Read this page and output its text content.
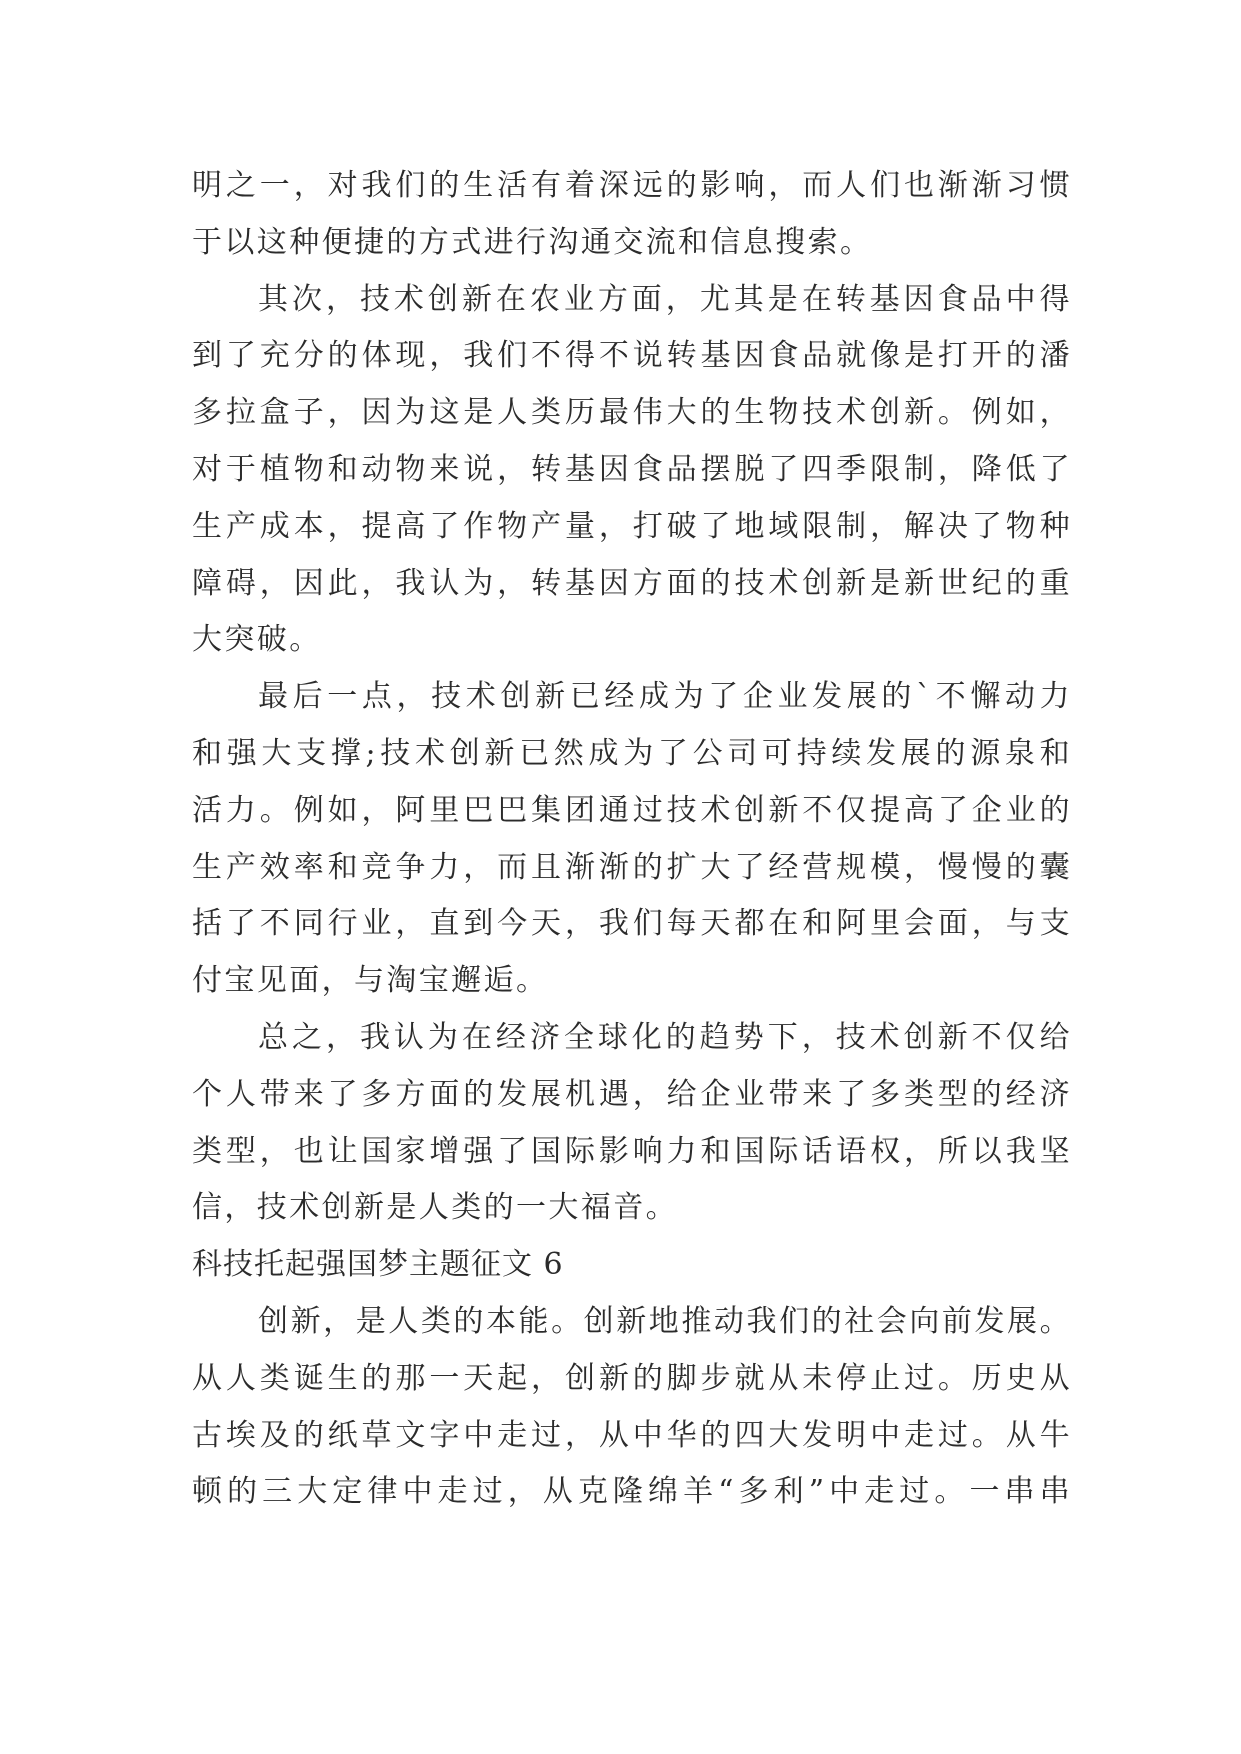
明之一，对我们的生活有着深远的影响，而人们也渐渐习惯
于以这种便捷的方式进行沟通交流和信息搜索。
其次，技术创新在农业方面，尤其是在转基因食品中得
到了充分的体现，我们不得不说转基因食品就像是打开的潘
多拉盒子，因为这是人类历最伟大的生物技术创新。例如，
对于植物和动物来说，转基因食品摆脱了四季限制，降低了
生产成本，提高了作物产量，打破了地域限制，解决了物种
障碍，因此，我认为，转基因方面的技术创新是新世纪的重
大突破。
最后一点，技术创新已经成为了企业发展的`不懈动力
和强大支撑;技术创新已然成为了公司可持续发展的源泉和
活力。例如，阿里巴巴集团通过技术创新不仅提高了企业的
生产效率和竞争力，而且渐渐的扩大了经营规模，慢慢的囊
括了不同行业，直到今天，我们每天都在和阿里会面，与支
付宝见面，与淘宝邂逅。
总之，我认为在经济全球化的趋势下，技术创新不仅给
个人带来了多方面的发展机遇，给企业带来了多类型的经济
类型，也让国家增强了国际影响力和国际话语权，所以我坚
信，技术创新是人类的一大福音。
科技托起强国梦主题征文 6
创新，是人类的本能。创新地推动我们的社会向前发展。
从人类诞生的那一天起，创新的脚步就从未停止过。历史从
古埃及的纸草文字中走过，从中华的四大发明中走过。从牛
顿的三大定律中走过，从克隆绵羊“多利”中走过。一串串
